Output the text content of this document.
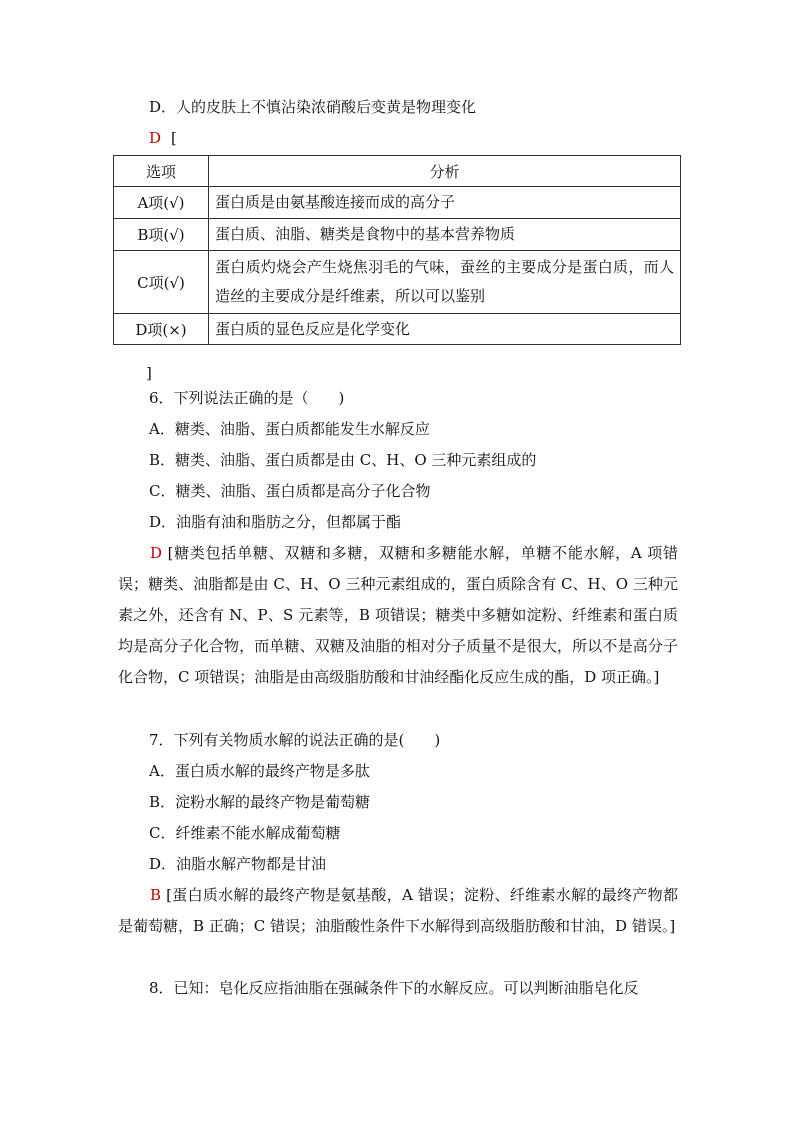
D．人的皮肤上不慎沾染浓硝酸后变黄是物理变化
D [
选项	分析
A项(√)	蛋白质是由氨基酸连接而成的高分子
B项(√)	蛋白质、油脂、糖类是食物中的基本营养物质
C项(√)	蛋白质灼烧会产生烧焦羽毛的气味，蚕丝的主要成分是蛋白质，而人造丝的主要成分是纤维素，所以可以鉴别
D项(×)	蛋白质的显色反应是化学变化
]
6．下列说法正确的是（　　)
A．糖类、油脂、蛋白质都能发生水解反应
B．糖类、油脂、蛋白质都是由 C、H、O 三种元素组成的
C．糖类、油脂、蛋白质都是高分子化合物
D．油脂有油和脂肪之分，但都属于酯
D [糖类包括单糖、双糖和多糖，双糖和多糖能水解，单糖不能水解，A 项错误；糖类、油脂都是由 C、H、O 三种元素组成的，蛋白质除含有 C、H、O 三种元素之外，还含有 N、P、S 元素等，B 项错误；糖类中多糖如淀粉、纤维素和蛋白质均是高分子化合物，而单糖、双糖及油脂的相对分子质量不是很大，所以不是高分子化合物，C 项错误；油脂是由高级脂肪酸和甘油经酯化反应生成的酯，D 项正确。]
7．下列有关物质水解的说法正确的是(　　)
A．蛋白质水解的最终产物是多肽
B．淀粉水解的最终产物是葡萄糖
C．纤维素不能水解成葡萄糖
D．油脂水解产物都是甘油
B [蛋白质水解的最终产物是氨基酸，A 错误；淀粉、纤维素水解的最终产物都是葡萄糖，B 正确；C 错误；油脂酸性条件下水解得到高级脂肪酸和甘油，D 错误。]
8．已知：皂化反应指油脂在强碱条件下的水解反应。可以判断油脂皂化反
